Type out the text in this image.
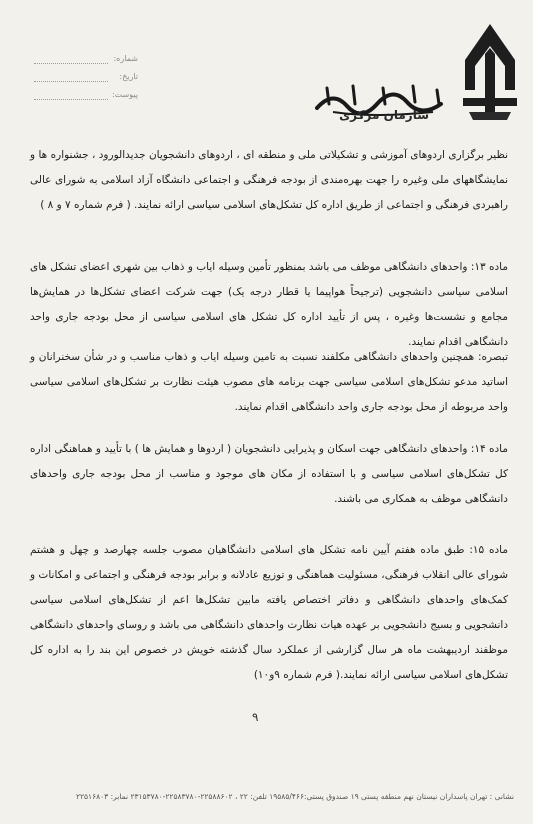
سازمان مرکزی
شماره:
تاریخ:
پیوست:

نظیر برگزاری اردوهای آموزشی و تشکیلاتی ملی و منطقه ای ، اردوهای دانشجویان جدیدالورود ، جشنواره ها و نمایشگاههای ملی وغیره را جهت بهره‌مندی از بودجه فرهنگی و اجتماعی دانشگاه آزاد اسلامی به شورای عالی راهبردی فرهنگی و اجتماعی از طریق اداره کل تشکل‌های اسلامی سیاسی ارائه نمایند. ( فرم شماره ۷ و ۸ )

ماده ۱۳: واحدهای دانشگاهی موظف می باشد بمنظور تأمین وسیله ایاب و ذهاب بین شهری اعضای تشکل های اسلامی سیاسی دانشجویی (ترجیحاً هواپیما یا قطار درجه یک) جهت شرکت اعضای تشکل‌ها در همایش‌ها مجامع و نشست‌ها وغیره ، پس از تأیید اداره کل تشکل های اسلامی سیاسی از محل بودجه جاری واحد دانشگاهی اقدام نمایند.

تبصره: همچنین واحدهای دانشگاهی مکلفند نسبت به تامین وسیله ایاب و ذهاب مناسب و در شأن سخنرانان و اساتید مدعو تشکل‌های اسلامی سیاسی جهت برنامه های مصوب هیئت نظارت بر تشکل‌های اسلامی سیاسی واحد مربوطه از محل بودجه جاری واحد دانشگاهی اقدام نمایند.

ماده ۱۴: واحدهای دانشگاهی جهت اسکان و پذیرایی دانشجویان ( اردوها و همایش ها ) با تأیید و هماهنگی اداره کل تشکل‌های اسلامی سیاسی و با استفاده از مکان های موجود و مناسب از محل بودجه جاری واحدهای دانشگاهی موظف به همکاری می باشند.

ماده ۱۵: طبق ماده هفتم آیین نامه تشکل های اسلامی دانشگاهیان مصوب جلسه چهارصد و چهل و هشتم شورای عالی انقلاب فرهنگی، مسئولیت هماهنگی و توزیع عادلانه و برابر بودجه فرهنگی و اجتماعی و امکانات و کمک‌های واحدهای دانشگاهی و دفاتر اختصاص یافته مابین تشکل‌ها اعم از تشکل‌های اسلامی سیاسی دانشجویی و بسیج دانشجویی بر عهده هیات نظارت واحدهای دانشگاهی می باشد و روسای واحدهای دانشگاهی موظفند اردیبهشت ماه هر سال گزارشی از عملکرد سال گذشته خویش در خصوص این بند را به اداره کل تشکل‌های اسلامی سیاسی ارائه نمایند.( فرم شماره ۹و۱۰)

۹
نشانی : تهران پاسداران نیستان نهم منطقه پستی ۱۹ صندوق پستی:۱۹۵۸۵/۴۶۶ تلفن: ۲۲ ، ۲۲۵۸۸۶۰۲-۲۲۵۸۳۷۸۰-۲۳۱۵۳۷۸۰ نمابر: ۲۲۵۱۶۸۰۳
